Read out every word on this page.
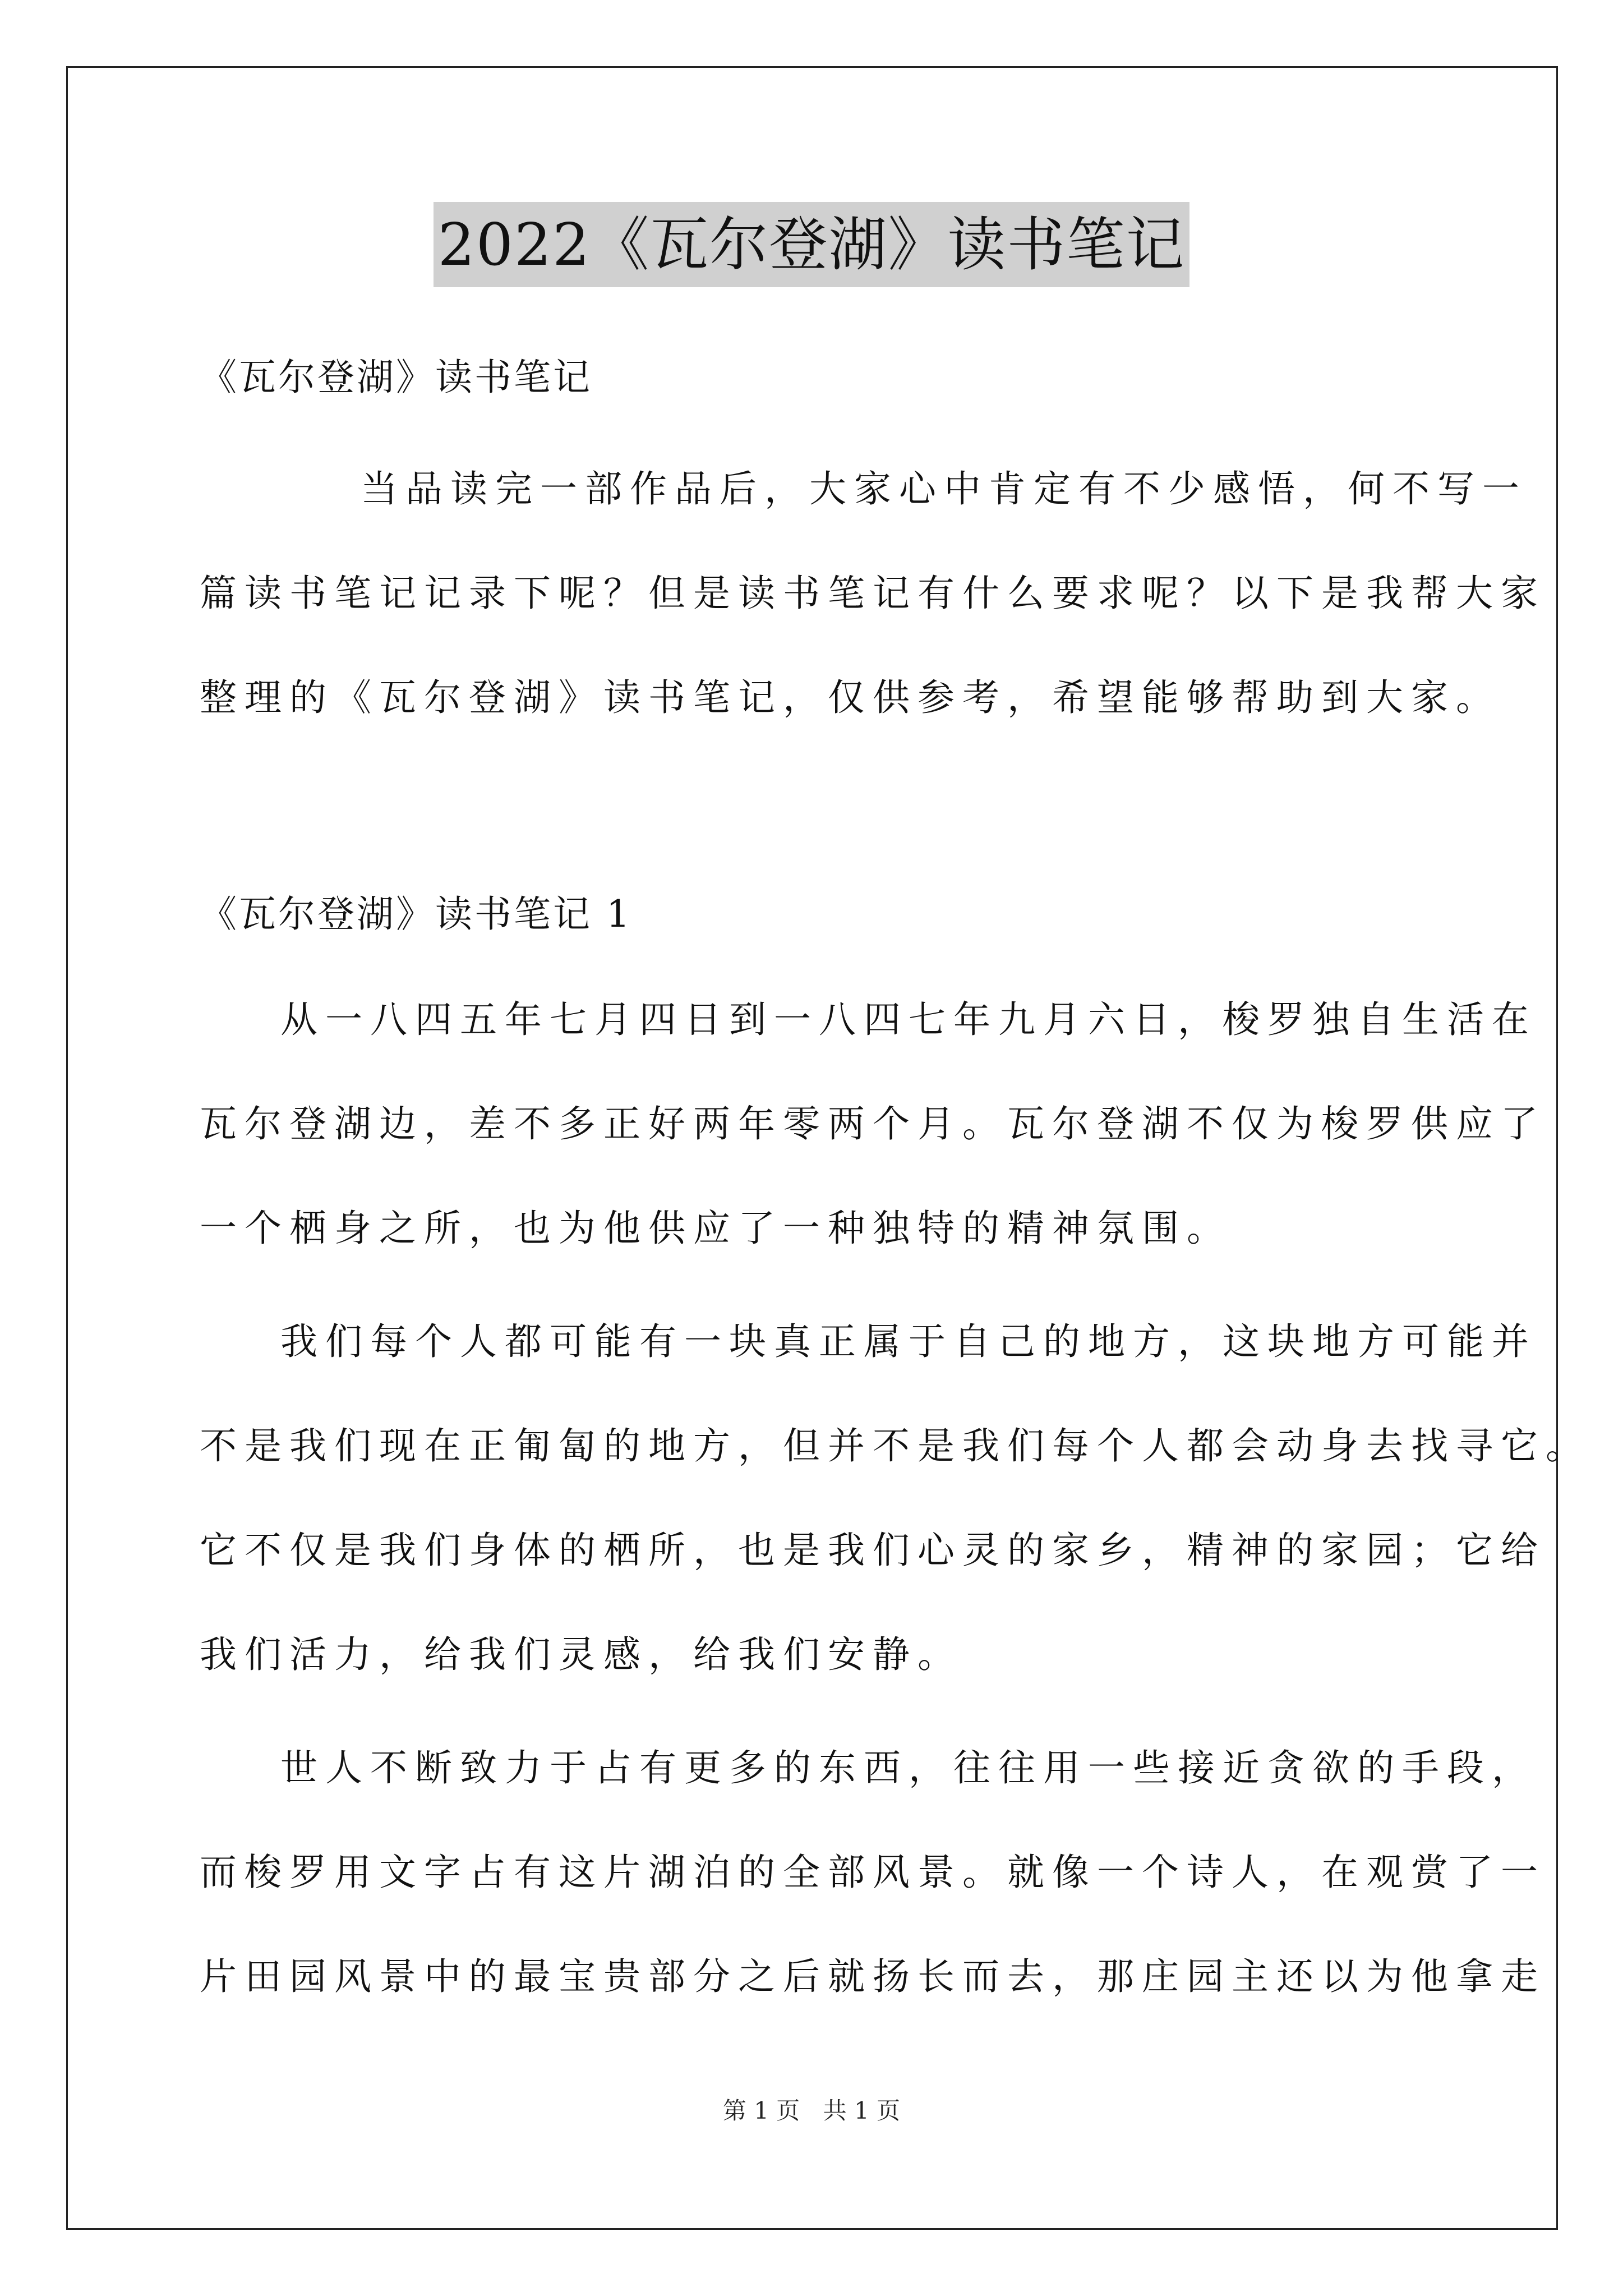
2022《瓦尔登湖》读书笔记
《瓦尔登湖》读书笔记
当品读完一部作品后，大家心中肯定有不少感悟，何不写一
篇读书笔记记录下呢？但是读书笔记有什么要求呢？以下是我帮大家
整理的《瓦尔登湖》读书笔记，仅供参考，希望能够帮助到大家。
《瓦尔登湖》读书笔记 1
从一八四五年七月四日到一八四七年九月六日，梭罗独自生活在
瓦尔登湖边，差不多正好两年零两个月。瓦尔登湖不仅为梭罗供应了
一个栖身之所，也为他供应了一种独特的精神氛围。
我们每个人都可能有一块真正属于自己的地方，这块地方可能并
不是我们现在正匍匐的地方，但并不是我们每个人都会动身去找寻它。
它不仅是我们身体的栖所，也是我们心灵的家乡，精神的家园；它给
我们活力，给我们灵感，给我们安静。
世人不断致力于占有更多的东西，往往用一些接近贪欲的手段，
而梭罗用文字占有这片湖泊的全部风景。就像一个诗人，在观赏了一
片田园风景中的最宝贵部分之后就扬长而去，那庄园主还以为他拿走
第 1 页 共 1 页
